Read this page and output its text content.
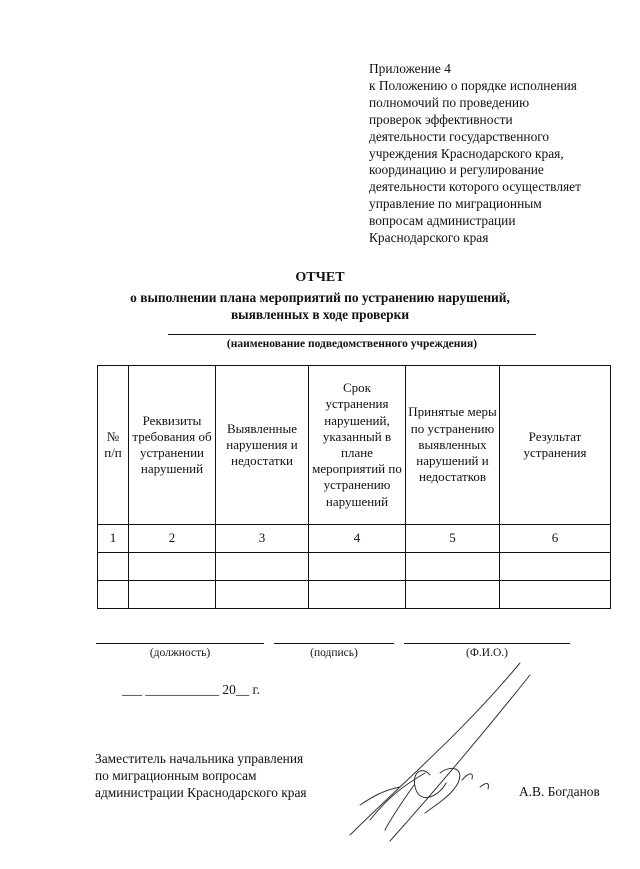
Приложение 4
к Положению о порядке исполнения
полномочий по проведению
проверок эффективности
деятельности государственного
учреждения Краснодарского края,
координацию и регулирование
деятельности которого осуществляет
управление по миграционным
вопросам администрации
Краснодарского края
ОТЧЕТ
о выполнении плана мероприятий по устранению нарушений,
выявленных в ходе проверки
(наименование подведомственного учреждения)
№ п/п	Реквизиты требования об устранении нарушений	Выявленные нарушения и недостатки	Срок устранения нарушений, указанный в плане мероприятий по устранению нарушений	Принятые меры по устранению выявленных нарушений и недостатков	Результат устранения
1	2	3	4	5	6

(должность)	(подпись)	(Ф.И.О.)
___ ___________ 20__ г.
Заместитель начальника управления
по миграционным вопросам
администрации Краснодарского края	А.В. Богданов
